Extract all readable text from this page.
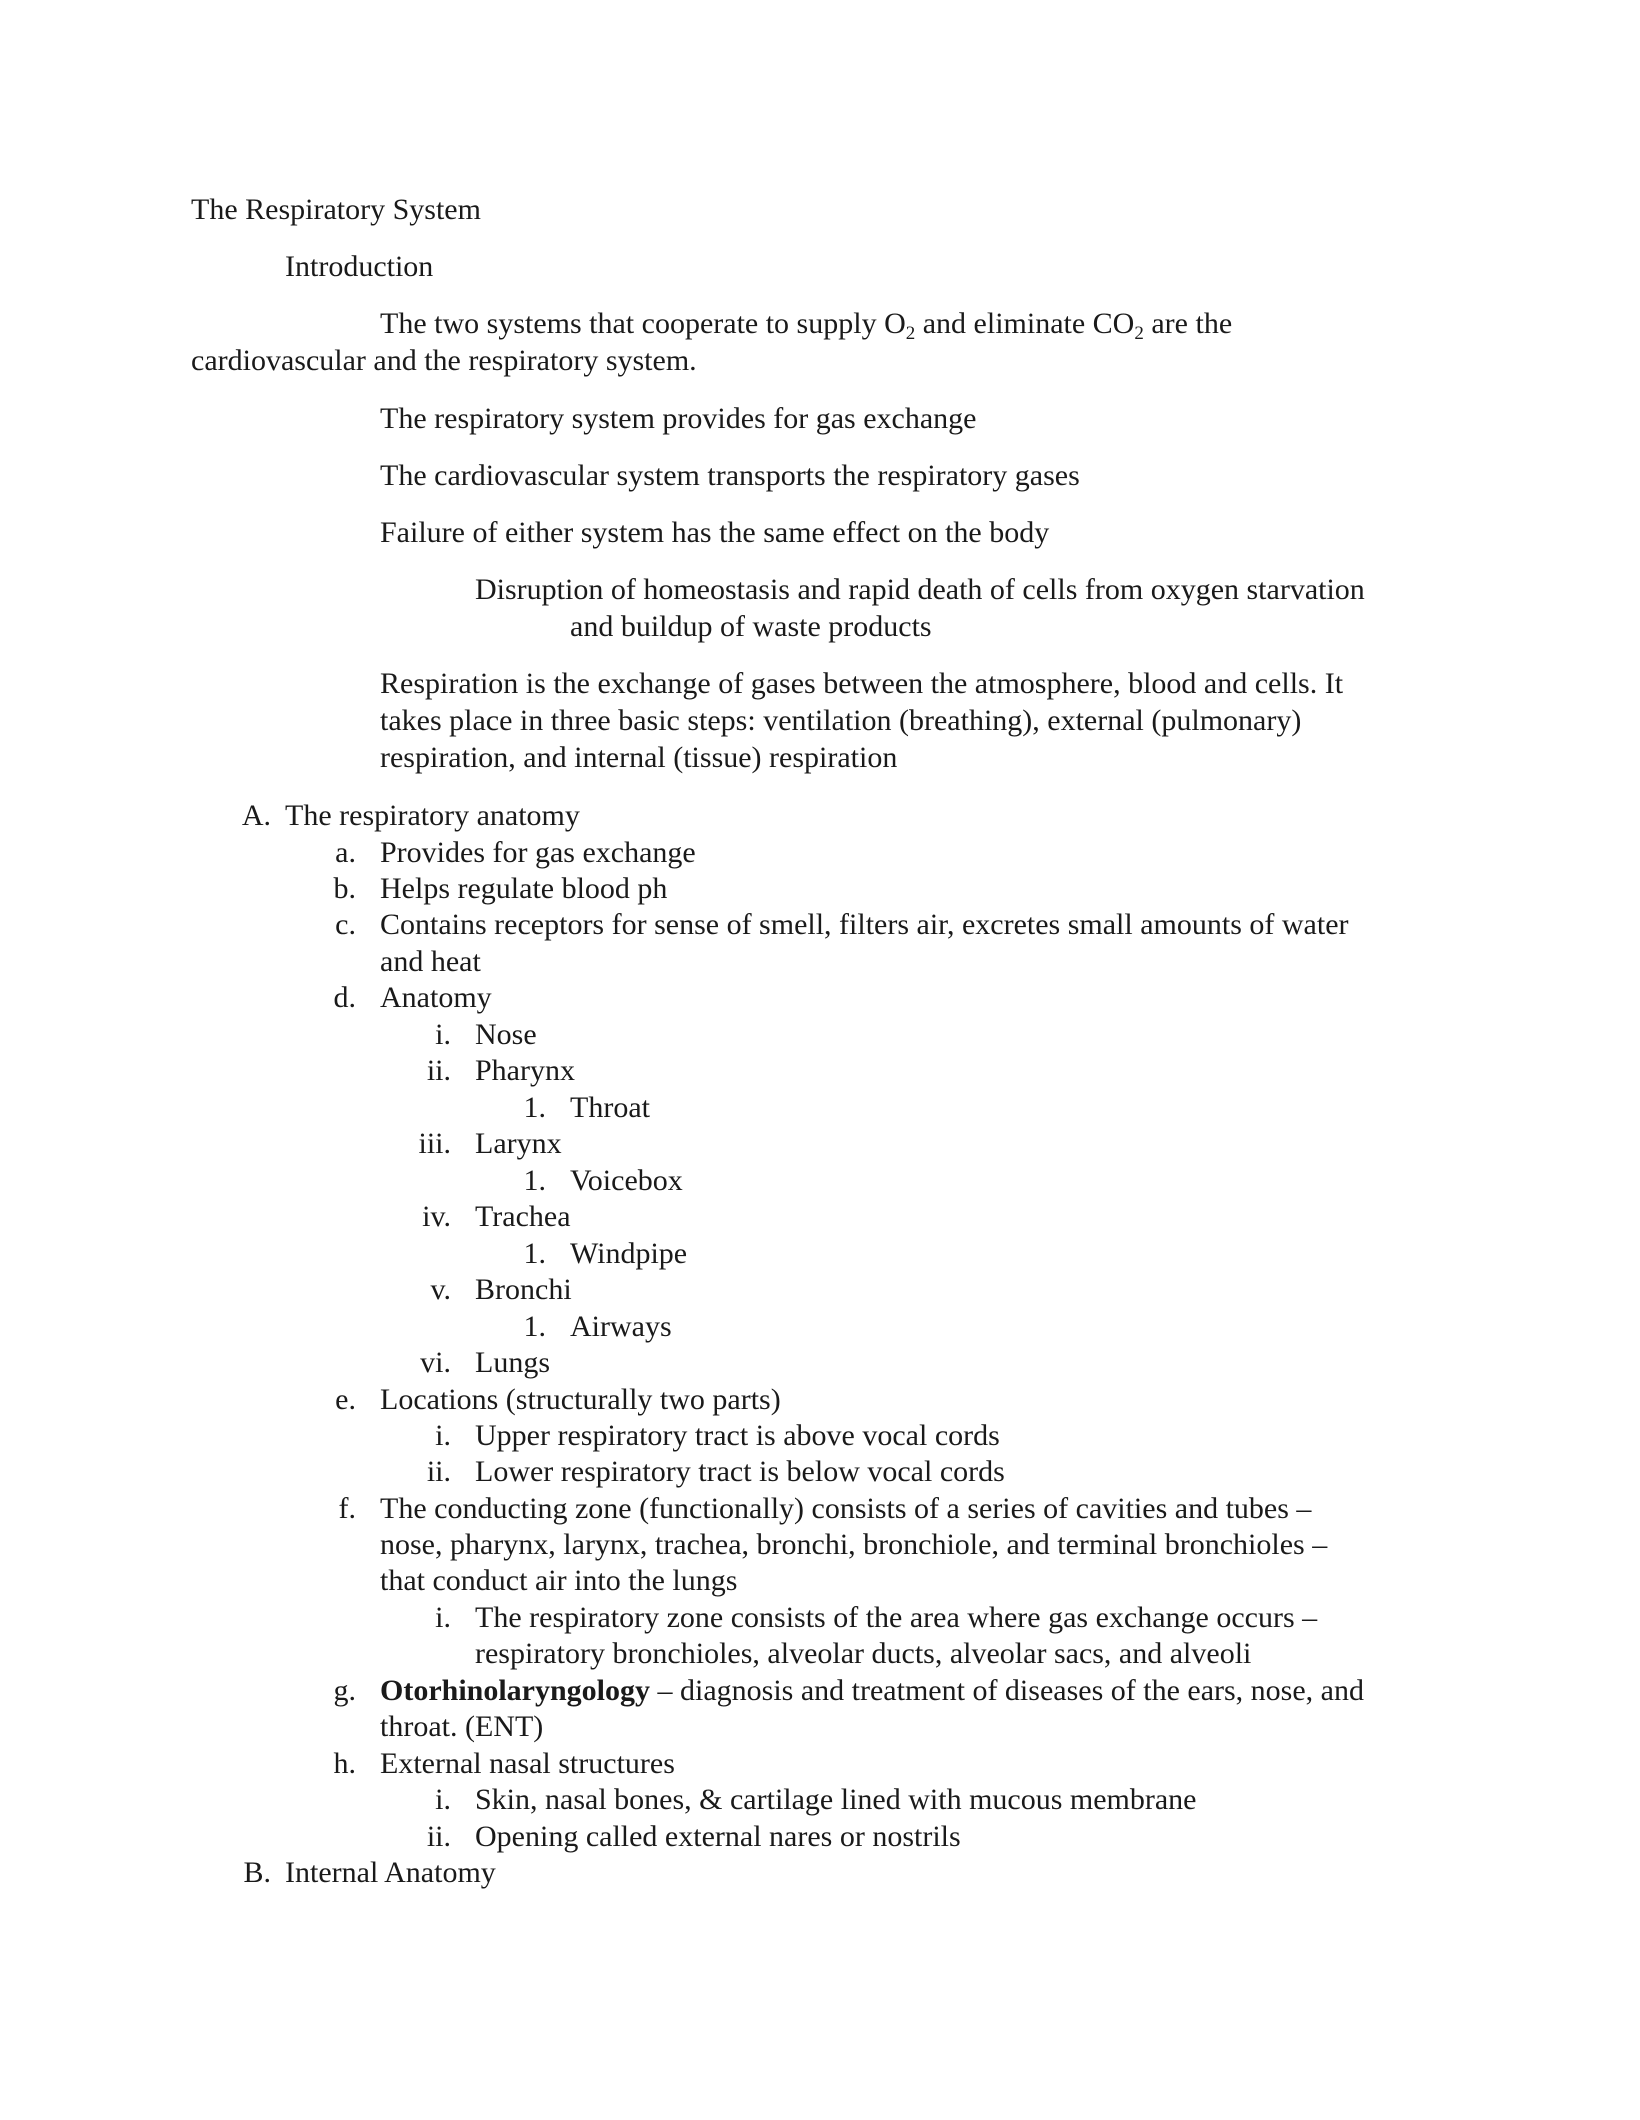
The Respiratory System
Introduction
The two systems that cooperate to supply $O_2$ and eliminate $CO_2$ are the
cardiovascular and the respiratory system.
The respiratory system provides for gas exchange
The cardiovascular system transports the respiratory gases
Failure of either system has the same effect on the body
Disruption of homeostasis and rapid death of cells from oxygen starvation
and buildup of waste products
Respiration is the exchange of gases between the atmosphere, blood and cells. It
takes place in three basic steps: ventilation (breathing), external (pulmonary)
respiration, and internal (tissue) respiration
A. The respiratory anatomy
a. Provides for gas exchange
b. Helps regulate blood ph
c. Contains receptors for sense of smell, filters air, excretes small amounts of water
and heat
d. Anatomy
i. Nose
ii. Pharynx
1. Throat
iii. Larynx
1. Voicebox
iv. Trachea
1. Windpipe
v. Bronchi
1. Airways
vi. Lungs
e. Locations (structurally two parts)
i. Upper respiratory tract is above vocal cords
ii. Lower respiratory tract is below vocal cords
f. The conducting zone (functionally) consists of a series of cavities and tubes –
nose, pharynx, larynx, trachea, bronchi, bronchiole, and terminal bronchioles –
that conduct air into the lungs
i. The respiratory zone consists of the area where gas exchange occurs –
respiratory bronchioles, alveolar ducts, alveolar sacs, and alveoli
g. Otorhinolaryngology – diagnosis and treatment of diseases of the ears, nose, and
throat. (ENT)
h. External nasal structures
i. Skin, nasal bones, & cartilage lined with mucous membrane
ii. Opening called external nares or nostrils
B. Internal Anatomy
